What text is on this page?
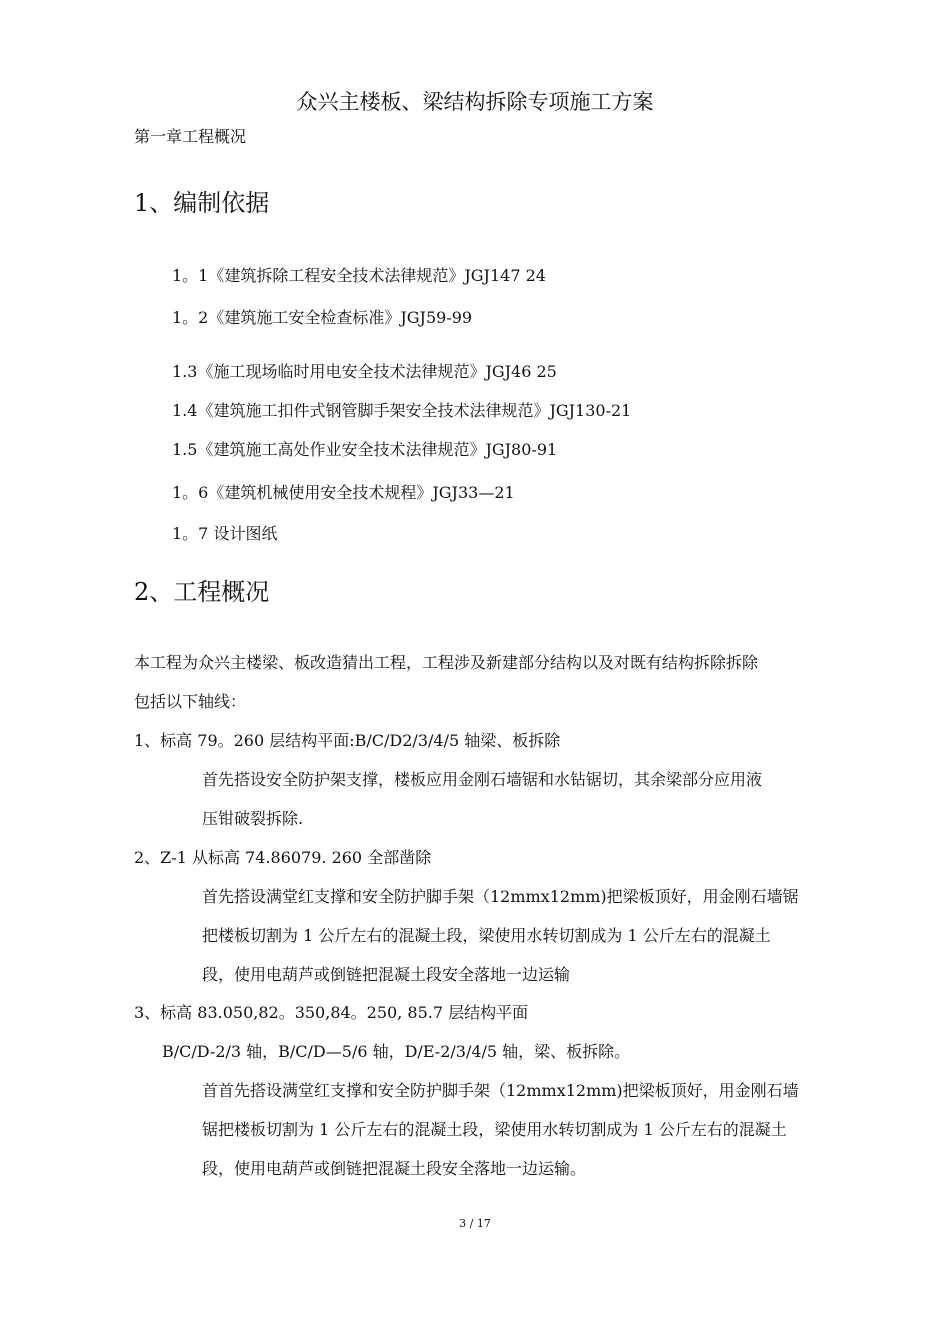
众兴主楼板、梁结构拆除专项施工方案

第一章工程概况

1、编制依据

1。1《建筑拆除工程安全技术法律规范》JGJ147 24

1。2《建筑施工安全检查标准》JGJ59-99

1.3《施工现场临时用电安全技术法律规范》JGJ46 25

1.4《建筑施工扣件式钢管脚手架安全技术法律规范》JGJ130-21

1.5《建筑施工高处作业安全技术法律规范》JGJ80-91

1。6《建筑机械使用安全技术规程》JGJ33—21

1。7 设计图纸

2、工程概况

本工程为众兴主楼梁、板改造猜出工程，工程涉及新建部分结构以及对既有结构拆除拆除

包括以下轴线：

1、标高 79。260 层结构平面:B/C/D2/3/4/5 轴梁、板拆除

首先搭设安全防护架支撑，楼板应用金刚石墙锯和水钻锯切，其余梁部分应用液

压钳破裂拆除.

2、Z-1 从标高 74.86079. 260 全部凿除

首先搭设满堂红支撑和安全防护脚手架（12mmx12mm)把梁板顶好，用金刚石墙锯

把楼板切割为 1 公斤左右的混凝土段，梁使用水转切割成为 1 公斤左右的混凝土

段，使用电葫芦或倒链把混凝土段安全落地一边运输

3、标高 83.050,82。350,84。250, 85.7 层结构平面

B/C/D-2/3 轴，B/C/D—5/6 轴，D/E-2/3/4/5 轴，梁、板拆除。

首首先搭设满堂红支撑和安全防护脚手架（12mmx12mm)把梁板顶好，用金刚石墙

锯把楼板切割为 1 公斤左右的混凝土段，梁使用水转切割成为 1 公斤左右的混凝土

段，使用电葫芦或倒链把混凝土段安全落地一边运输。

3 / 17
